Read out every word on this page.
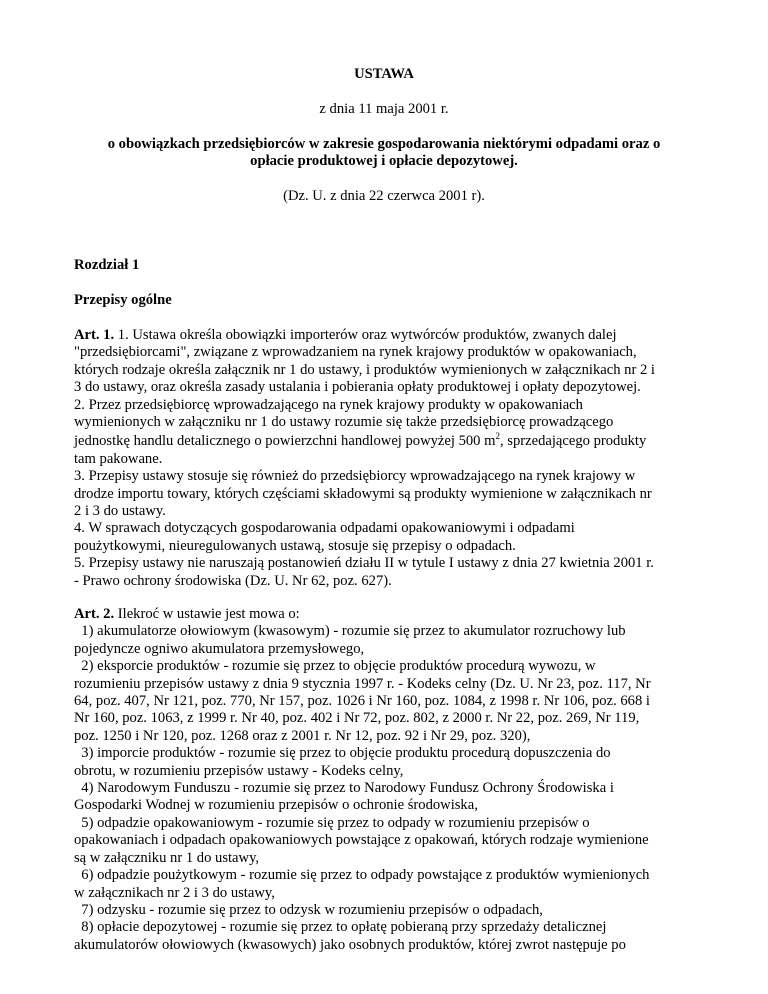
USTAWA
z dnia 11 maja 2001 r.
o obowiązkach przedsiębiorców w zakresie gospodarowania niektórymi odpadami oraz o
opłacie produktowej i opłacie depozytowej.
(Dz. U. z dnia 22 czerwca 2001 r).
Rozdział 1
Przepisy ogólne
Art. 1. 1. Ustawa określa obowiązki importerów oraz wytwórców produktów, zwanych dalej
"przedsiębiorcami", związane z wprowadzaniem na rynek krajowy produktów w opakowaniach,
których rodzaje określa załącznik nr 1 do ustawy, i produktów wymienionych w załącznikach nr 2 i
3 do ustawy, oraz określa zasady ustalania i pobierania opłaty produktowej i opłaty depozytowej.
2. Przez przedsiębiorcę wprowadzającego na rynek krajowy produkty w opakowaniach
wymienionych w załączniku nr 1 do ustawy rozumie się także przedsiębiorcę prowadzącego
jednostkę handlu detalicznego o powierzchni handlowej powyżej 500 $m^2$, sprzedającego produkty
tam pakowane.
3. Przepisy ustawy stosuje się również do przedsiębiorcy wprowadzającego na rynek krajowy w
drodze importu towary, których częściami składowymi są produkty wymienione w załącznikach nr
2 i 3 do ustawy.
4. W sprawach dotyczących gospodarowania odpadami opakowaniowymi i odpadami
poużytkowymi, nieuregulowanych ustawą, stosuje się przepisy o odpadach.
5. Przepisy ustawy nie naruszają postanowień działu II w tytule I ustawy z dnia 27 kwietnia 2001 r.
- Prawo ochrony środowiska (Dz. U. Nr 62, poz. 627).
Art. 2. Ilekroć w ustawie jest mowa o:
1) akumulatorze ołowiowym (kwasowym) - rozumie się przez to akumulator rozruchowy lub
pojedyncze ogniwo akumulatora przemysłowego,
2) eksporcie produktów - rozumie się przez to objęcie produktów procedurą wywozu, w
rozumieniu przepisów ustawy z dnia 9 stycznia 1997 r. - Kodeks celny (Dz. U. Nr 23, poz. 117, Nr
64, poz. 407, Nr 121, poz. 770, Nr 157, poz. 1026 i Nr 160, poz. 1084, z 1998 r. Nr 106, poz. 668 i
Nr 160, poz. 1063, z 1999 r. Nr 40, poz. 402 i Nr 72, poz. 802, z 2000 r. Nr 22, poz. 269, Nr 119,
poz. 1250 i Nr 120, poz. 1268 oraz z 2001 r. Nr 12, poz. 92 i Nr 29, poz. 320),
3) imporcie produktów - rozumie się przez to objęcie produktu procedurą dopuszczenia do
obrotu, w rozumieniu przepisów ustawy - Kodeks celny,
4) Narodowym Funduszu - rozumie się przez to Narodowy Fundusz Ochrony Środowiska i
Gospodarki Wodnej w rozumieniu przepisów o ochronie środowiska,
5) odpadzie opakowaniowym - rozumie się przez to odpady w rozumieniu przepisów o
opakowaniach i odpadach opakowaniowych powstające z opakowań, których rodzaje wymienione
są w załączniku nr 1 do ustawy,
6) odpadzie poużytkowym - rozumie się przez to odpady powstające z produktów wymienionych
w załącznikach nr 2 i 3 do ustawy,
7) odzysku - rozumie się przez to odzysk w rozumieniu przepisów o odpadach,
8) opłacie depozytowej - rozumie się przez to opłatę pobieraną przy sprzedaży detalicznej
akumulatorów ołowiowych (kwasowych) jako osobnych produktów, której zwrot następuje po
